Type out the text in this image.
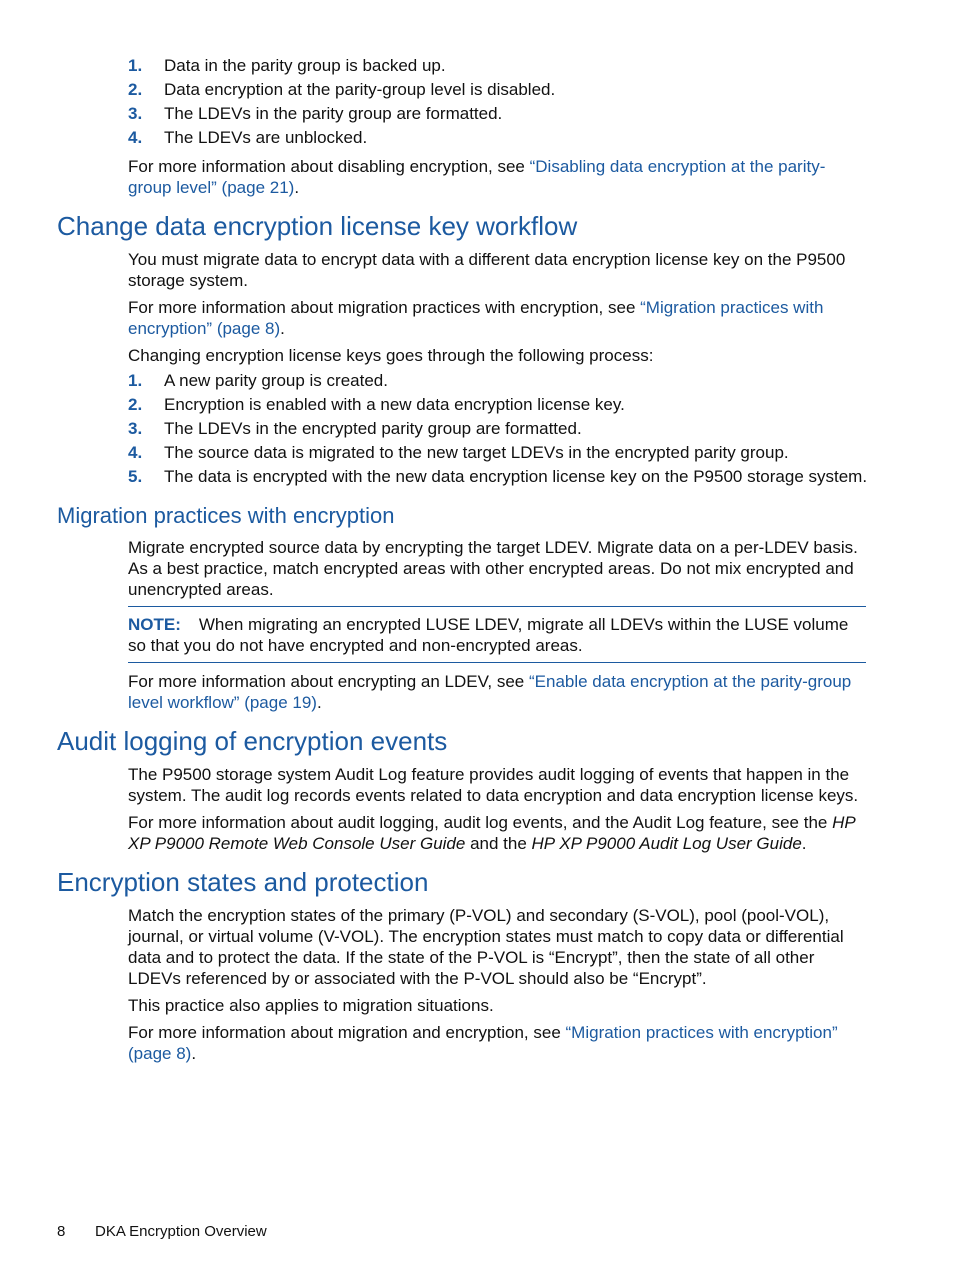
1. Data in the parity group is backed up.
2. Data encryption at the parity-group level is disabled.
3. The LDEVs in the parity group are formatted.
4. The LDEVs are unblocked.

For more information about disabling encryption, see “Disabling data encryption at the parity-group level” (page 21).

Change data encryption license key workflow

You must migrate data to encrypt data with a different data encryption license key on the P9500 storage system.

For more information about migration practices with encryption, see “Migration practices with encryption” (page 8).

Changing encryption license keys goes through the following process:

1. A new parity group is created.
2. Encryption is enabled with a new data encryption license key.
3. The LDEVs in the encrypted parity group are formatted.
4. The source data is migrated to the new target LDEVs in the encrypted parity group.
5. The data is encrypted with the new data encryption license key on the P9500 storage system.
Migration practices with encryption

Migrate encrypted source data by encrypting the target LDEV. Migrate data on a per-LDEV basis. As a best practice, match encrypted areas with other encrypted areas. Do not mix encrypted and unencrypted areas.

NOTE: When migrating an encrypted LUSE LDEV, migrate all LDEVs within the LUSE volume so that you do not have encrypted and non-encrypted areas.

For more information about encrypting an LDEV, see “Enable data encryption at the parity-group level workflow” (page 19).

Audit logging of encryption events

The P9500 storage system Audit Log feature provides audit logging of events that happen in the system. The audit log records events related to data encryption and data encryption license keys.

For more information about audit logging, audit log events, and the Audit Log feature, see the HP XP P9000 Remote Web Console User Guide and the HP XP P9000 Audit Log User Guide.

Encryption states and protection

Match the encryption states of the primary (P-VOL) and secondary (S-VOL), pool (pool-VOL), journal, or virtual volume (V-VOL). The encryption states must match to copy data or differential data and to protect the data. If the state of the P-VOL is “Encrypt”, then the state of all other LDEVs referenced by or associated with the P-VOL should also be “Encrypt”.

This practice also applies to migration situations.

For more information about migration and encryption, see “Migration practices with encryption” (page 8).

8 DKA Encryption Overview
